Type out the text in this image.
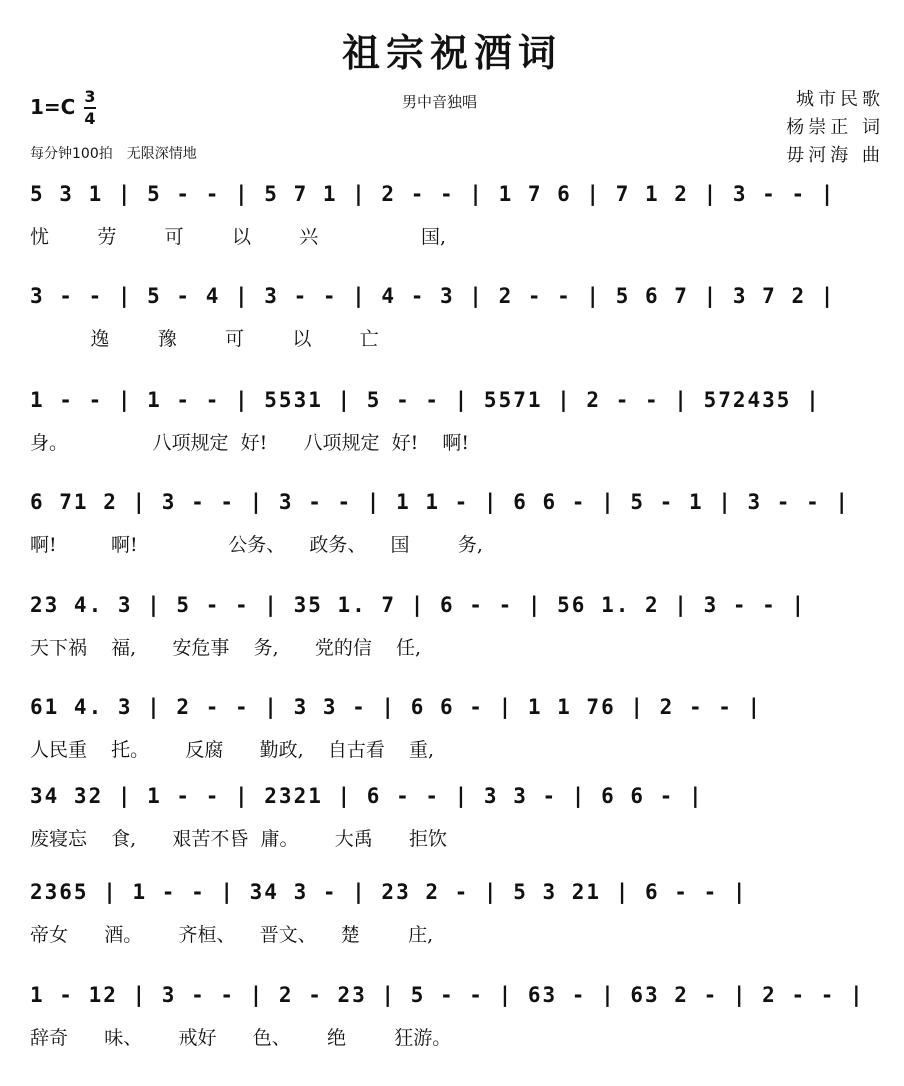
祖宗祝酒词
男中音独唱	城市民歌
杨崇正 词
毋河海 曲
1=C 3
4
每分钟100拍　无限深情地
5 3 1 | 5 - - | 5 7 1 | 2 - - | 1 7 6 | 7 1 2 | 3 - - |
忧        劳        可        以        兴                 国,
3 - - | 5 - 4 | 3 - - | 4 - 3 | 2 - - | 5 6 7 | 3 7 2 |
逸        豫        可        以        亡
1 - - | 1 - - | 5531 | 5 - - | 5571 | 2 - - | 572435 |
身。              八项规定  好!      八项规定  好!    啊!
6 71 2 | 3 - - | 3 - - | 1 1 - | 6 6 - | 5 - 1 | 3 - - |
啊!         啊!               公务、    政务、    国        务,
23 4. 3 | 5 - - | 35 1. 7 | 6 - - | 56 1. 2 | 3 - - |
天下祸    福,      安危事    务,      党的信    任,
61 4. 3 | 2 - - | 3 3 - | 6 6 - | 1 1 76 | 2 - - |
人民重    托。      反腐      勤政,    自古看    重,
34 32 | 1 - - | 2321 | 6 - - | 3 3 - | 6 6 - |
废寝忘    食,      艰苦不昏  庸。      大禹      拒饮
2365 | 1 - - | 34 3 - | 23 2 - | 5 3 21 | 6 - - |
帝女      酒。      齐桓、    晋文、    楚        庄,
1 - 12 | 3 - - | 2 - 23 | 5 - - | 63 - | 63 2 - | 2 - - |
辞奇      味、      戒好      色、      绝        狂游。
